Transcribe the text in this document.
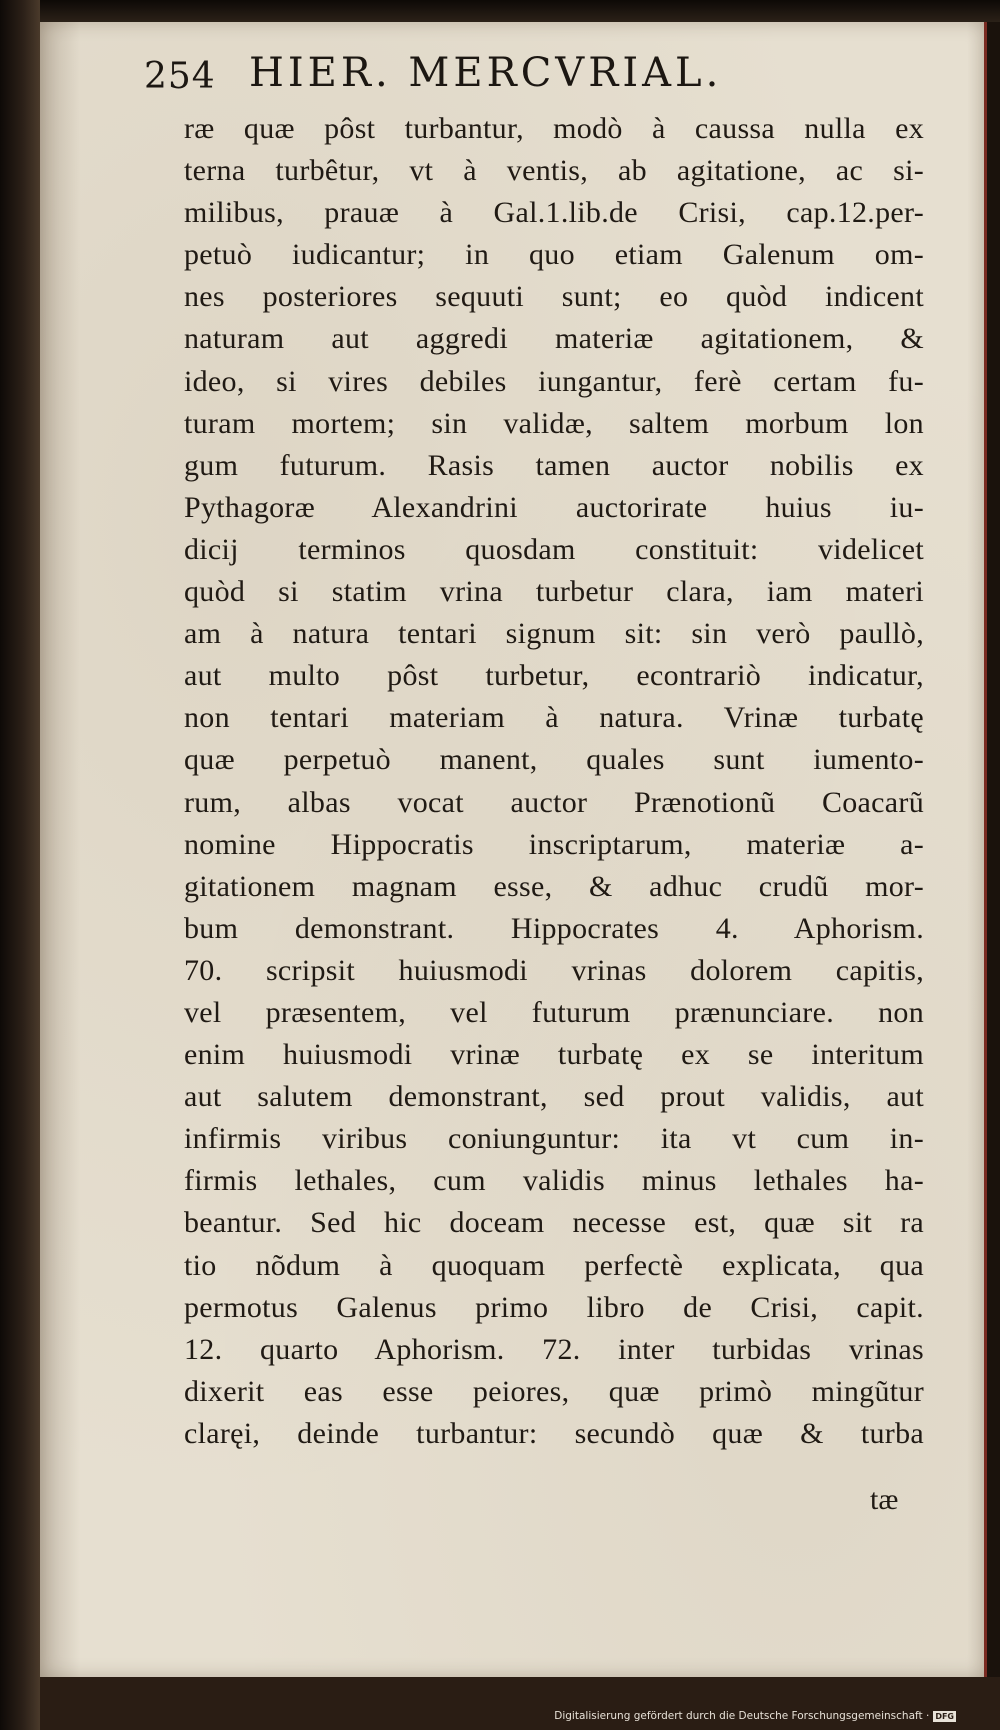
254 HIER. MERCVRIAL.
ræ quæ pôst turbantur, modò à caussa nulla ex
terna turbêtur, vt à ventis, ab agitatione, ac si-
milibus, prauæ à Gal.1.lib.de Crisi, cap.12.per-
petuò iudicantur; in quo etiam Galenum om-
nes posteriores sequuti sunt; eo quòd indicent
naturam aut aggredi materiæ agitationem, &
ideo, si vires debiles iungantur, ferè certam fu-
turam mortem; sin validæ, saltem morbum lon
gum futurum. Rasis tamen auctor nobilis ex
Pythagoræ Alexandrini auctorirate huius iu-
dicij terminos quosdam constituit: videlicet
quòd si statim vrina turbetur clara, iam materi
am à natura tentari signum sit: sin verò paullò,
aut multo pôst turbetur, econtrariò indicatur,
non tentari materiam à natura. Vrinæ turbatę
quæ perpetuò manent, quales sunt iumento-
rum, albas vocat auctor Prænotionũ Coacarũ
nomine Hippocratis inscriptarum, materiæ a-
gitationem magnam esse, & adhuc crudũ mor-
bum demonstrant. Hippocrates 4. Aphorism.
70. scripsit huiusmodi vrinas dolorem capitis,
vel præsentem, vel futurum prænunciare. non
enim huiusmodi vrinæ turbatę ex se interitum
aut salutem demonstrant, sed prout validis, aut
infirmis viribus coniunguntur: ita vt cum in-
firmis lethales, cum validis minus lethales ha-
beantur. Sed hic doceam necesse est, quæ sit ra
tio nõdum à quoquam perfectè explicata, qua
permotus Galenus primo libro de Crisi, capit.
12. quarto Aphorism. 72. inter turbidas vrinas
dixerit eas esse peiores, quæ primò mingũtur
claręi, deinde turbantur: secundò quæ & turba
tæ
Digitalisierung gefördert durch die Deutsche Forschungsgemeinschaft · DFG
